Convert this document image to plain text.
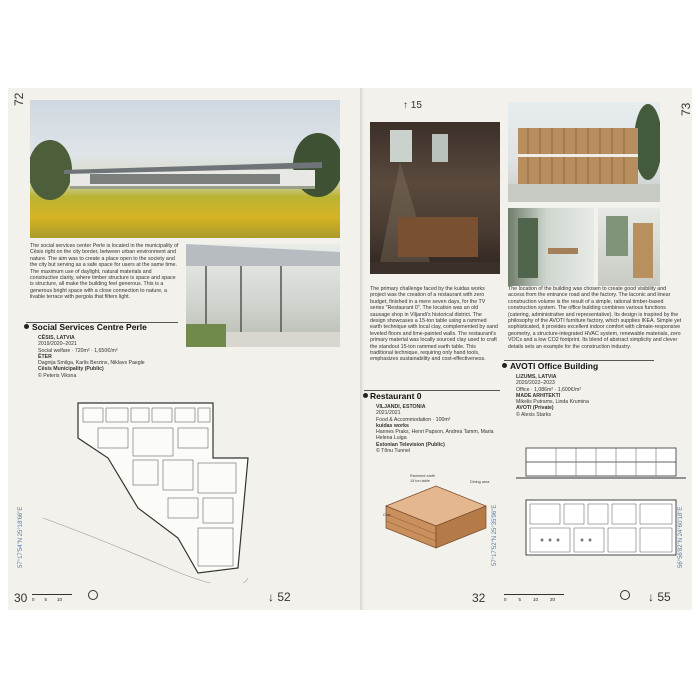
72
The social services center Perle is located in the municipality of Cēsis right on the city border, between urban environment and nature. The aim was to create a place open to the society and the city but serving as a safe space for users at the same time. The maximum use of daylight, natural materials and constructive clarity, where timber structure is space and space is structure, all make the building feel generous. This is a generous bright space with a close connection to nature, a livable terrace with pergola that filters light.
Social Services Centre Perle
CĒSIS, LATVIA
2019/2020–2021
Social welfare · 720m² · 1,650€/m²
ĒTER
Dagnija Smilga, Karlis Berzins, Niklavs Paegle
Cēsis Municipality (Public)
© Peteris Viksna
57°17'54"N 25°18'66"E
30 0 5 10	↓ 52
↑ 15	73
The primary challenge faced by the kuidas works project was the creation of a restaurant with zero budget, finished in a mere seven days, for the TV series "Restaurant 0". The location was an old sausage shop in Viljandi's historical district. The design showcases a 15-ton table using a rammed earth technique with local clay, complemented by sand leveled floors and lime-painted walls. The restaurant's primary material was locally sourced clay used to craft the standout 15-ton rammed earth table. This traditional technique, requiring only hand tools, emphasizes sustainability and cost-effectiveness.
Restaurant 0
VILJANDI, ESTONIA
2021/2021
Food & Accommodation · 100m²
kuidas works
Hannes Praks, Henri Papson, Andrea Tamm, Maria Helena Luiga
Estonian Television (Public)
© Tõnu Tunnel
Rammed earth
15 ton table	Dining area
Clay	57°17'52"N 25°35'96"E
The location of the building was chosen to create good visibility and access from the entrance road and the factory. The laconic and linear construction volume is the result of a simple, rational timber-based construction system. The office building combines various functions (catering, administrative and representative). Its design is inspired by the philosophy of the AVOTI furniture factory, which supplies IKEA. Simple yet sophisticated, it provides excellent indoor comfort with climate-responsive geometry, a structure-integrated HVAC system, renewable materials, zero VOCs and a low CO2 footprint. Its blend of abstract simplicity and clever details sets an example for the construction industry.
AVOTI Office Building
LIZUMS, LATVIA
2020/2022–2023
Office · 1,086m² · 1,600€/m²
MADE ARHITEKTI
Mikelis Putrams, Linda Krumina
AVOTI (Private)
© Alexis Starks
56°56'82"N 24°60'18"E
32	0	5	10	20	↓ 55
